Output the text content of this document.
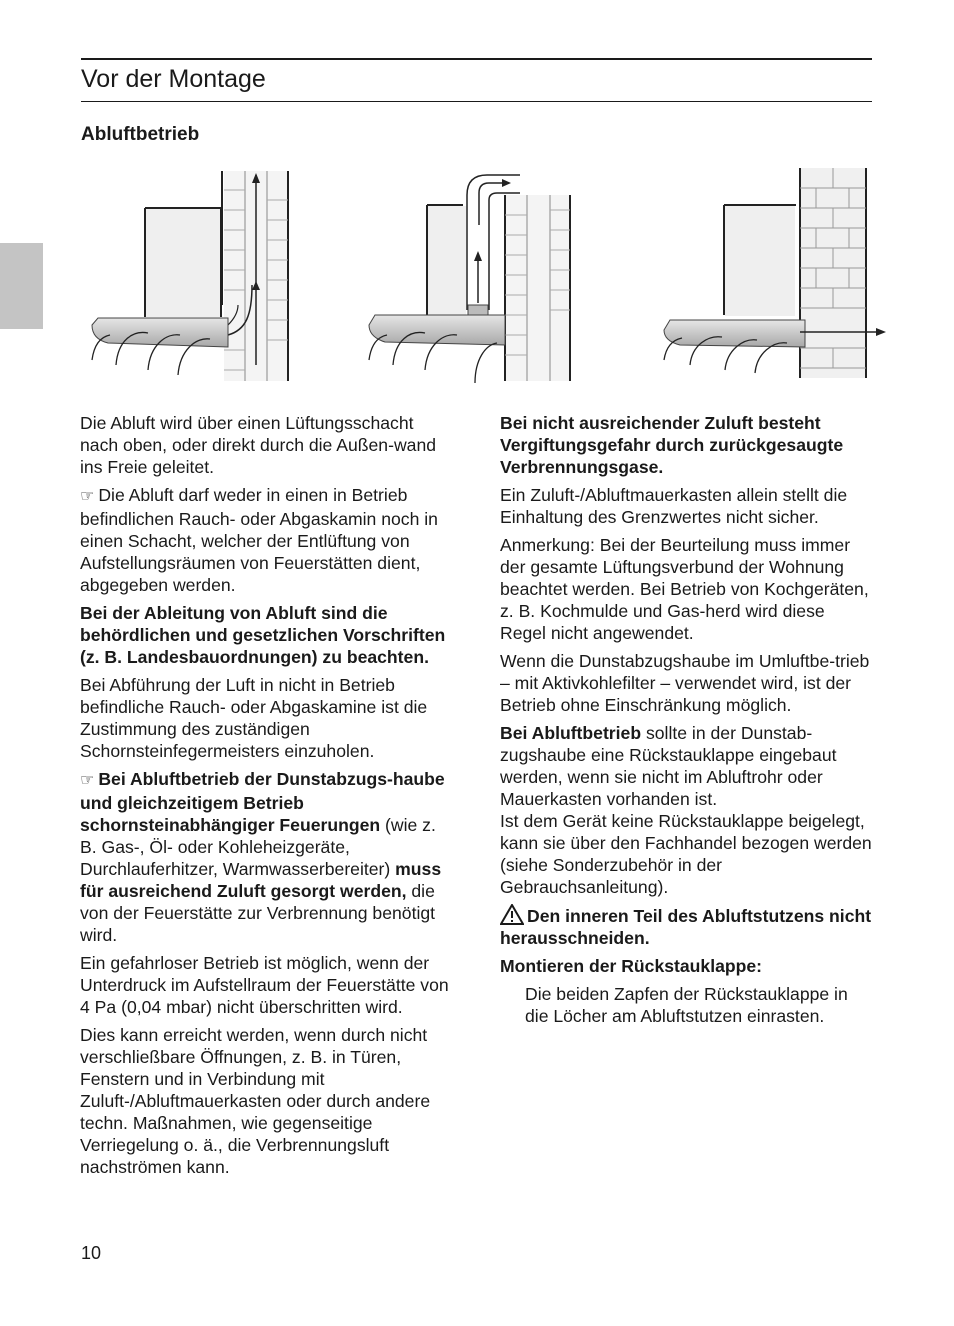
Vor der Montage
Abluftbetrieb

Die Abluft wird über einen Lüftungsschacht nach oben, oder direkt durch die Außen-wand ins Freie geleitet.

☞ Die Abluft darf weder in einen in Betrieb befindlichen Rauch- oder Abgaskamin noch in einen Schacht, welcher der Entlüftung von Aufstellungsräumen von Feuerstätten dient, abgegeben werden.

Bei der Ableitung von Abluft sind die behördlichen und gesetzlichen Vorschriften (z. B. Landesbauordnungen) zu beachten.

Bei Abführung der Luft in nicht in Betrieb befindliche Rauch- oder Abgaskamine ist die Zustimmung des zuständigen Schornsteinfegermeisters einzuholen.

☞ Bei Abluftbetrieb der Dunstabzugs-haube und gleichzeitigem Betrieb schornsteinabhängiger Feuerungen (wie z. B. Gas-, Öl- oder Kohleheizgeräte, Durchlauferhitzer, Warmwasserbereiter) muss für ausreichend Zuluft gesorgt werden, die von der Feuerstätte zur Verbrennung benötigt wird.

Ein gefahrloser Betrieb ist möglich, wenn der Unterdruck im Aufstellraum der Feuerstätte von 4 Pa (0,04 mbar) nicht überschritten wird.

Dies kann erreicht werden, wenn durch nicht verschließbare Öffnungen, z. B. in Türen, Fenstern und in Verbindung mit Zuluft-/Abluftmauerkasten oder durch andere techn. Maßnahmen, wie gegenseitige Verriegelung o. ä., die Verbrennungsluft nachströmen kann.

Bei nicht ausreichender Zuluft besteht Vergiftungsgefahr durch zurückgesaugte Verbrennungsgase.

Ein Zuluft-/Abluftmauerkasten allein stellt die Einhaltung des Grenzwertes nicht sicher.

Anmerkung: Bei der Beurteilung muss immer der gesamte Lüftungsverbund der Wohnung beachtet werden. Bei Betrieb von Kochgeräten, z. B. Kochmulde und Gas-herd wird diese Regel nicht angewendet.

Wenn die Dunstabzugshaube im Umluftbe-trieb – mit Aktivkohlefilter – verwendet wird, ist der Betrieb ohne Einschränkung möglich.

Bei Abluftbetrieb sollte in der Dunstab-zugshaube eine Rückstauklappe eingebaut werden, wenn sie nicht im Abluftrohr oder Mauerkasten vorhanden ist.
Ist dem Gerät keine Rückstauklappe beigelegt, kann sie über den Fachhandel bezogen werden (siehe Sonderzubehör in der Gebrauchsanleitung).

Den inneren Teil des Abluftstutzens nicht herausschneiden.

Montieren der Rückstauklappe:

Die beiden Zapfen der Rückstauklappe in die Löcher am Abluftstutzen einrasten.

10
